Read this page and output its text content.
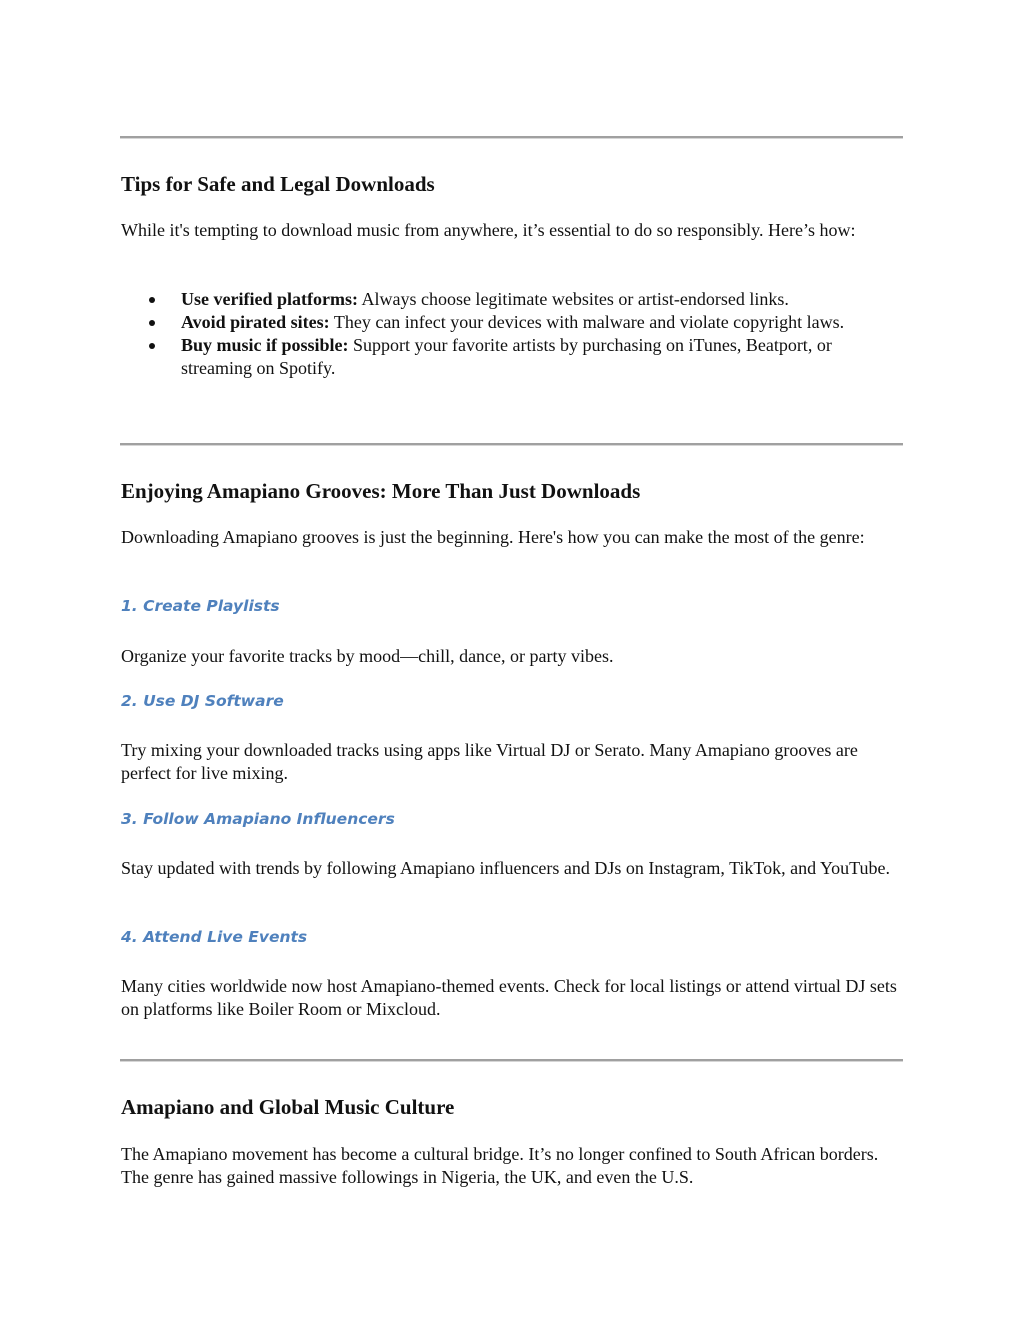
Tips for Safe and Legal Downloads

While it's tempting to download music from anywhere, it’s essential to do so responsibly. Here’s how:

Use verified platforms: Always choose legitimate websites or artist-endorsed links.
Avoid pirated sites: They can infect your devices with malware and violate copyright laws.
Buy music if possible: Support your favorite artists by purchasing on iTunes, Beatport, or streaming on Spotify.
Enjoying Amapiano Grooves: More Than Just Downloads

Downloading Amapiano grooves is just the beginning. Here's how you can make the most of the genre:

1. Create Playlists

Organize your favorite tracks by mood—chill, dance, or party vibes.

2. Use DJ Software

Try mixing your downloaded tracks using apps like Virtual DJ or Serato. Many Amapiano grooves are perfect for live mixing.

3. Follow Amapiano Influencers

Stay updated with trends by following Amapiano influencers and DJs on Instagram, TikTok, and YouTube.

4. Attend Live Events

Many cities worldwide now host Amapiano-themed events. Check for local listings or attend virtual DJ sets on platforms like Boiler Room or Mixcloud.

Amapiano and Global Music Culture

The Amapiano movement has become a cultural bridge. It’s no longer confined to South African borders. The genre has gained massive followings in Nigeria, the UK, and even the U.S.
